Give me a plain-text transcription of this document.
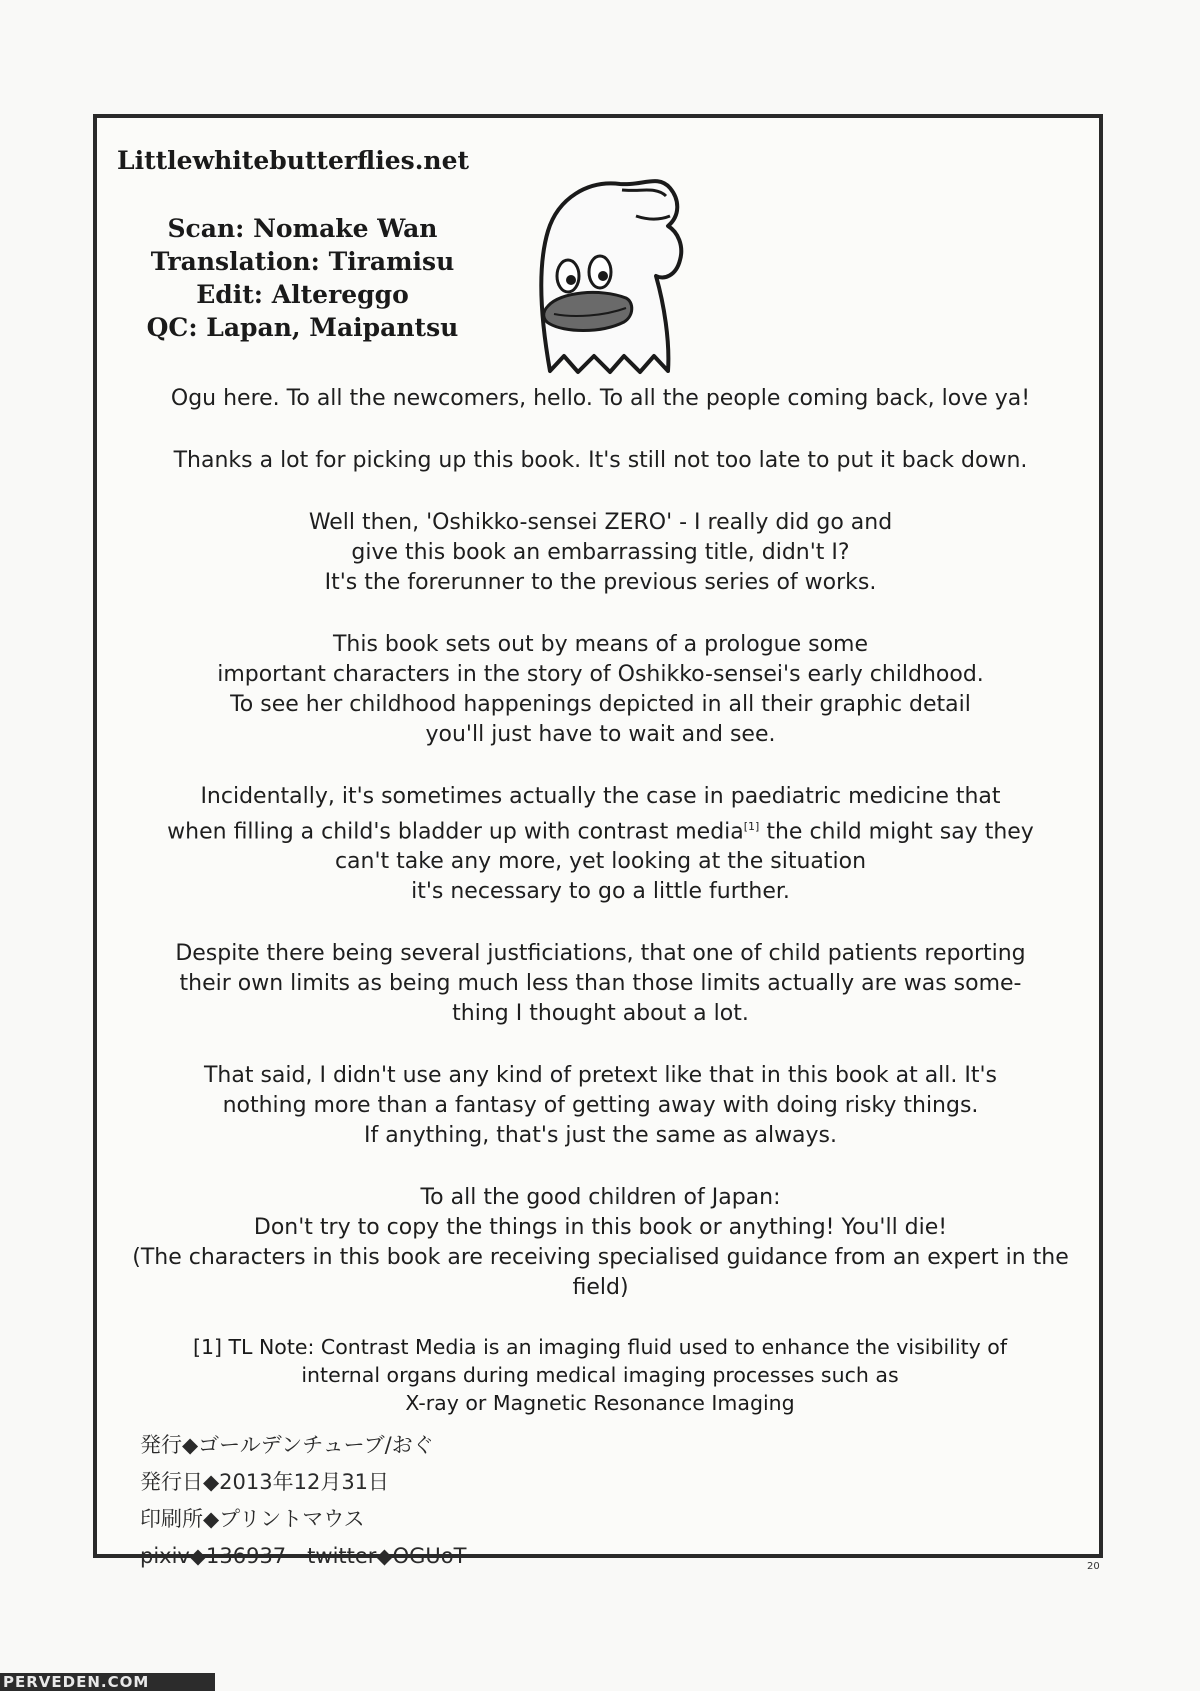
Littlewhitebutterflies.net
Scan: Nomake Wan
Translation: Tiramisu
Edit: Altereggo
QC: Lapan, Maipantsu

Ogu here. To all the newcomers, hello. To all the people coming back, love ya!

Thanks a lot for picking up this book. It's still not too late to put it back down.

Well then, 'Oshikko-sensei ZERO' - I really did go and
give this book an embarrassing title, didn't I?
It's the forerunner to the previous series of works.

This book sets out by means of a prologue some
important characters in the story of Oshikko-sensei's early childhood.
To see her childhood happenings depicted in all their graphic detail
you'll just have to wait and see.

Incidentally, it's sometimes actually the case in paediatric medicine that
when filling a child's bladder up with contrast media[1] the child might say they
can't take any more, yet looking at the situation
it's necessary to go a little further.

Despite there being several justficiations, that one of child patients reporting
their own limits as being much less than those limits actually are was some-
thing I thought about a lot.

That said, I didn't use any kind of pretext like that in this book at all. It's
nothing more than a fantasy of getting away with doing risky things.
If anything, that's just the same as always.

To all the good children of Japan:
Don't try to copy the things in this book or anything! You'll die!
(The characters in this book are receiving specialised guidance from an expert in the
field)

[1] TL Note: Contrast Media is an imaging fluid used to enhance the visibility of
internal organs during medical imaging processes such as
X-ray or Magnetic Resonance Imaging
発行◆ゴールデンチューブ/おぐ
発行日◆2013年12月31日
印刷所◆プリントマウス
pixiv◆136937　twitter◆OGUoT	20
PERVEDEN.COM
